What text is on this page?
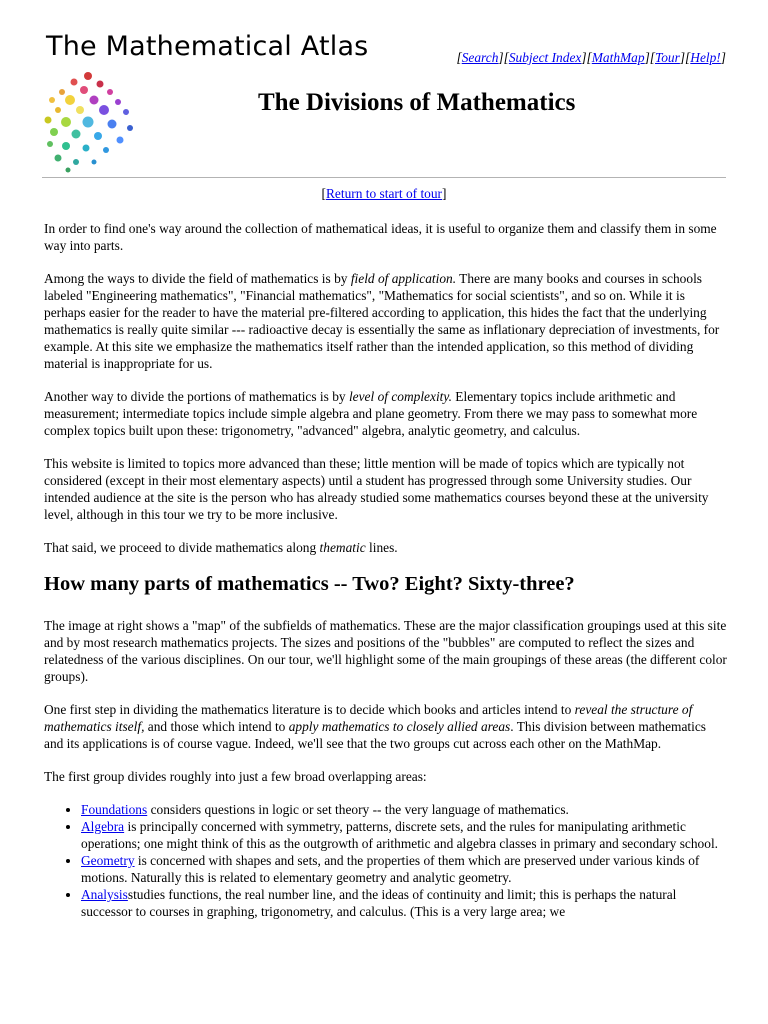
The Mathematical Atlas	[Search][Subject Index][MathMap][Tour][Help!]
The Divisions of Mathematics
[Return to start of tour]

In order to find one's way around the collection of mathematical ideas, it is useful to organize them and classify them in some way into parts.

Among the ways to divide the field of mathematics is by field of application. There are many books and courses in schools labeled "Engineering mathematics", "Financial mathematics", "Mathematics for social scientists", and so on. While it is perhaps easier for the reader to have the material pre-filtered according to application, this hides the fact that the underlying mathematics is really quite similar --- radioactive decay is essentially the same as inflationary depreciation of investments, for example. At this site we emphasize the mathematics itself rather than the intended application, so this method of dividing material is inappropriate for us.

Another way to divide the portions of mathematics is by level of complexity. Elementary topics include arithmetic and measurement; intermediate topics include simple algebra and plane geometry. From there we may pass to somewhat more complex topics built upon these: trigonometry, "advanced" algebra, analytic geometry, and calculus.

This website is limited to topics more advanced than these; little mention will be made of topics which are typically not considered (except in their most elementary aspects) until a student has progressed through some University studies. Our intended audience at the site is the person who has already studied some mathematics courses beyond these at the university level, although in this tour we try to be more inclusive.

That said, we proceed to divide mathematics along thematic lines.

How many parts of mathematics -- Two? Eight? Sixty-three?

The image at right shows a "map" of the subfields of mathematics. These are the major classification groupings used at this site and by most research mathematics projects. The sizes and positions of the "bubbles" are computed to reflect the sizes and relatedness of the various disciplines. On our tour, we'll highlight some of the main groupings of these areas (the different color groups).

One first step in dividing the mathematics literature is to decide which books and articles intend to reveal the structure of mathematics itself, and those which intend to apply mathematics to closely allied areas. This division between mathematics and its applications is of course vague. Indeed, we'll see that the two groups cut across each other on the MathMap.

The first group divides roughly into just a few broad overlapping areas:

• Foundations considers questions in logic or set theory -- the very language of mathematics.
• Algebra is principally concerned with symmetry, patterns, discrete sets, and the rules for manipulating arithmetic operations; one might think of this as the outgrowth of arithmetic and algebra classes in primary and secondary school.
• Geometry is concerned with shapes and sets, and the properties of them which are preserved under various kinds of motions. Naturally this is related to elementary geometry and analytic geometry.
• Analysisstudies functions, the real number line, and the ideas of continuity and limit; this is perhaps the natural successor to courses in graphing, trigonometry, and calculus. (This is a very large area; we
